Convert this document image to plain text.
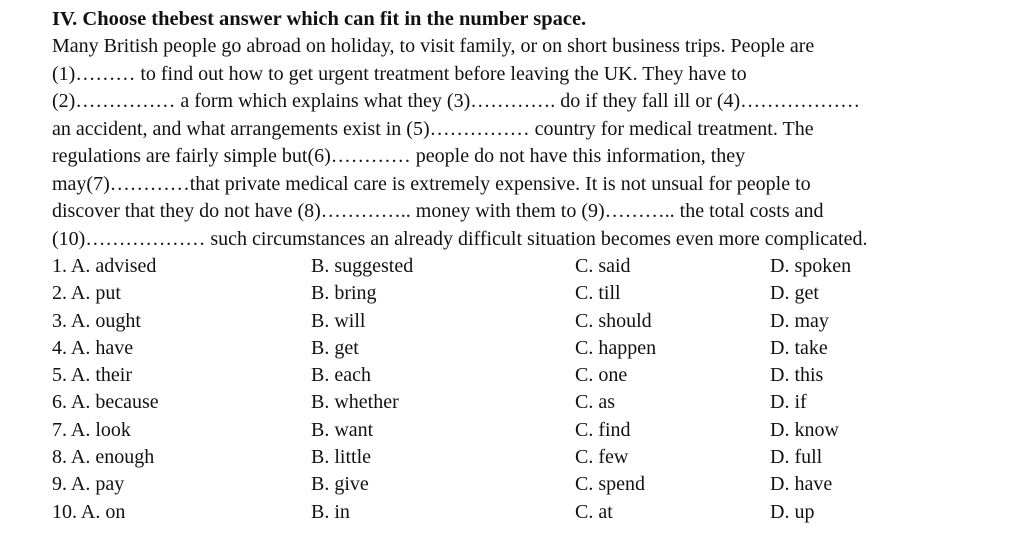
IV. Choose thebest answer which can fit in the number space.
Many British people go abroad on holiday, to visit family, or on short business trips. People are
(1)……… to find out how to get urgent treatment before leaving the UK. They have to
(2)…………… a form which explains what they (3)…………. do if they fall ill or (4)………………
an accident, and what arrangements exist in (5)…………… country for medical treatment. The
regulations are fairly simple but(6)………… people do not have this information, they
may(7)…………that private medical care is extremely expensive. It is not unsual for people to
discover that they do not have (8)………….. money with them to (9)……….. the total costs and
(10)……………… such circumstances an already difficult situation becomes even more complicated.
1. A. advised	B. suggested	C. said	D. spoken
2. A. put	B. bring	C. till	D. get
3. A. ought	B. will	C. should	D. may
4. A. have	B. get	C. happen	D. take
5. A. their	B. each	C. one	D. this
6. A. because	B. whether	C. as	D. if
7. A. look	B. want	C. find	D. know
8. A. enough	B. little	C. few	D. full
9. A. pay	B. give	C. spend	D. have
10. A. on	B. in	C. at	D. up
